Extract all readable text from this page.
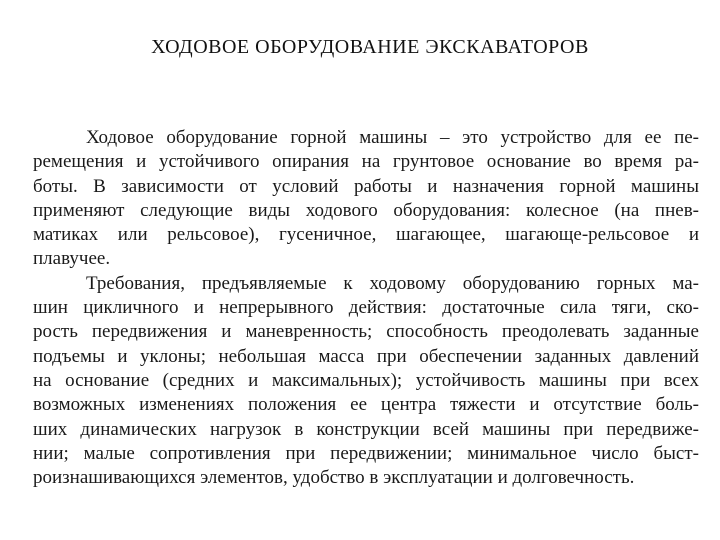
ХОДОВОЕ ОБОРУДОВАНИЕ ЭКСКАВАТОРОВ
Ходовое оборудование горной машины – это устройство для ее пе-
ремещения и устойчивого опирания на грунтовое основание во время ра-
боты. В зависимости от условий работы и назначения горной машины
применяют следующие виды ходового оборудования: колесное (на пнев-
матиках или рельсовое), гусеничное, шагающее, шагающе-рельсовое и
плавучее.
Требования, предъявляемые к ходовому оборудованию горных ма-
шин цикличного и непрерывного действия: достаточные сила тяги, ско-
рость передвижения и маневренность; способность преодолевать заданные
подъемы и уклоны; небольшая масса при обеспечении заданных давлений
на основание (средних и максимальных); устойчивость машины при всех
возможных изменениях положения ее центра тяжести и отсутствие боль-
ших динамических нагрузок в конструкции всей машины при передвиже-
нии; малые сопротивления при передвижении; минимальное число быст-
роизнашивающихся элементов, удобство в эксплуатации и долговечность.
